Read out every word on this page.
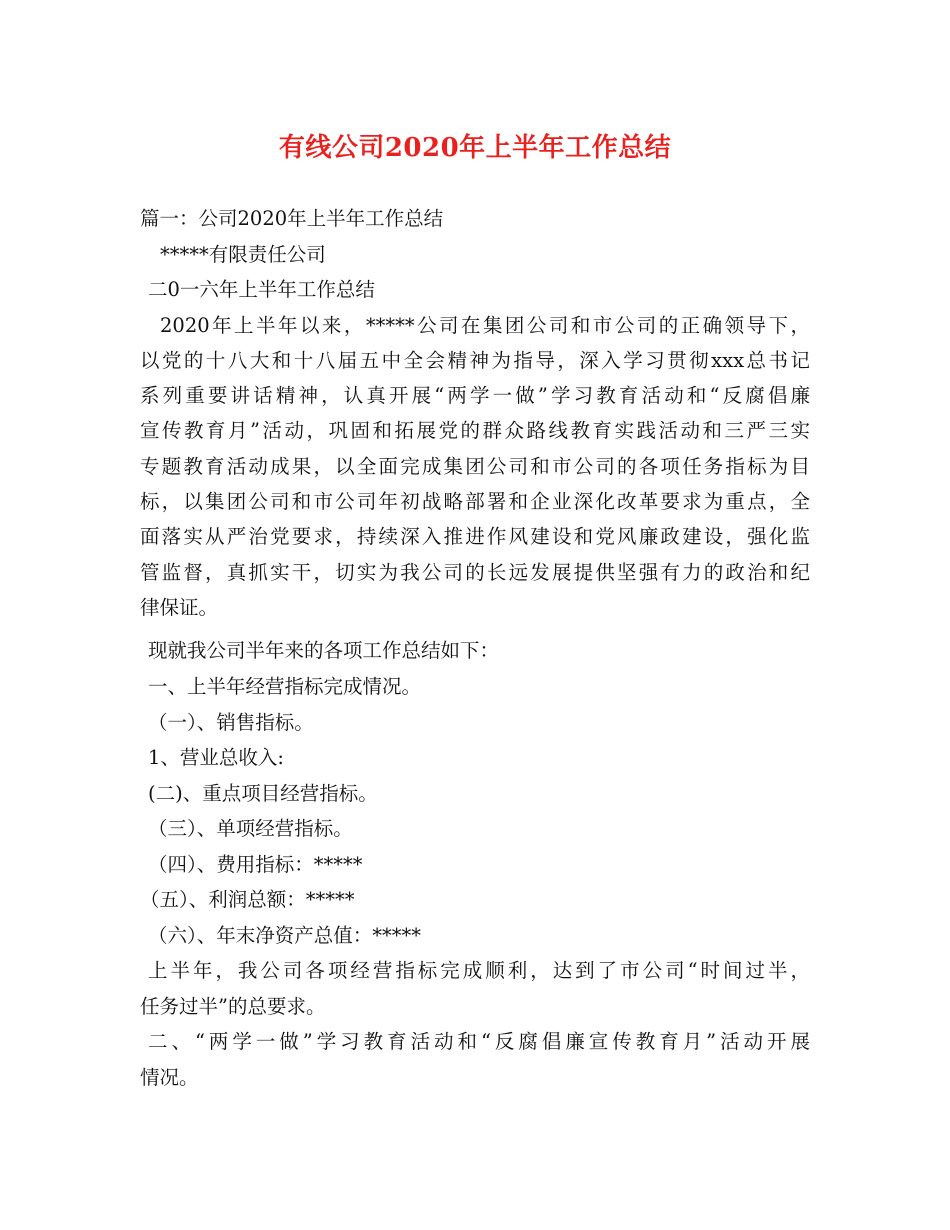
有线公司2020年上半年工作总结
篇一：公司2020年上半年工作总结
*****有限责任公司
二0一六年上半年工作总结
2020年上半年以来，*****公司在集团公司和市公司的正确领导下，
以党的十八大和十八届五中全会精神为指导，深入学习贯彻xxx总书记
系列重要讲话精神，认真开展“两学一做”学习教育活动和“反腐倡廉
宣传教育月”活动，巩固和拓展党的群众路线教育实践活动和三严三实
专题教育活动成果，以全面完成集团公司和市公司的各项任务指标为目
标，以集团公司和市公司年初战略部署和企业深化改革要求为重点，全
面落实从严治党要求，持续深入推进作风建设和党风廉政建设，强化监
管监督，真抓实干，切实为我公司的长远发展提供坚强有力的政治和纪
律保证。
现就我公司半年来的各项工作总结如下：
一、上半年经营指标完成情况。
（一）、销售指标。
1、营业总收入:
(二)、重点项目经营指标。
（三）、单项经营指标。
（四）、费用指标：*****
（五）、利润总额：*****
（六）、年末净资产总值：*****
上半年，我公司各项经营指标完成顺利，达到了市公司“时间过半，
任务过半”的总要求。
二、“两学一做”学习教育活动和“反腐倡廉宣传教育月”活动开展
情况。
